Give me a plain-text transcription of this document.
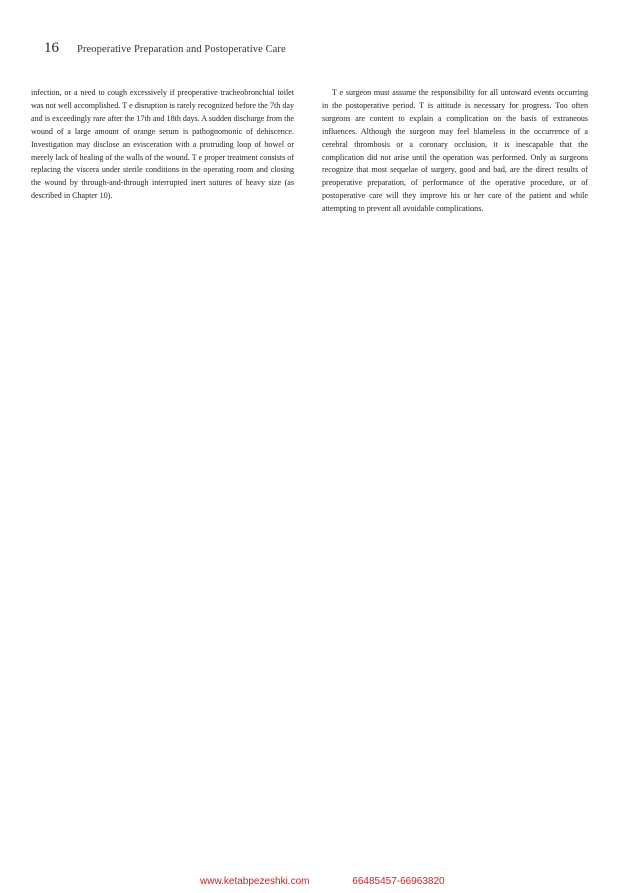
16 Preoperative Preparation and Postoperative Care

infection, or a need to cough excessively if preoperative tracheobronchial toilet was not well accomplished. T e disruption is rarely recognized before the 7th day and is exceedingly rare after the 17th and 18th days. A sudden discharge from the wound of a large amount of orange serum is pathognomonic of dehiscence. Investigation may disclose an evisceration with a protruding loop of bowel or merely lack of healing of the walls of the wound. T e proper treatment consists of replacing the viscera under sterile conditions in the operating room and closing the wound by through-and-through interrupted inert sutures of heavy size (as described in Chapter 10).

T e surgeon must assume the responsibility for all untoward events occurring in the postoperative period. T is attitude is necessary for progress. Too often surgeons are content to explain a complication on the basis of extraneous influences. Although the surgeon may feel blameless in the occurrence of a cerebral thrombosis or a coronary occlusion, it is inescapable that the complication did not arise until the operation was performed. Only as surgeons recognize that most sequelae of surgery, good and bad, are the direct results of preoperative preparation, of performance of the operative procedure, or of postoperative care will they improve his or her care of the patient and while attempting to prevent all avoidable complications.

www.ketabpezeshki.com	66485457-66963820
